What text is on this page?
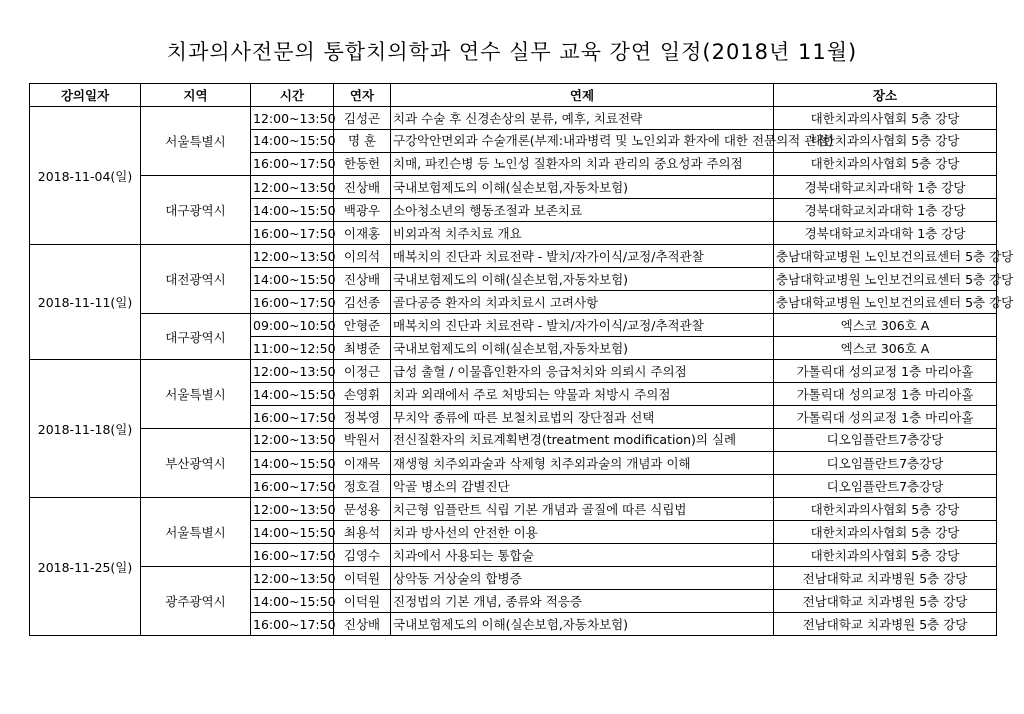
치과의사전문의 통합치의학과 연수 실무 교육 강연 일정(2018년 11월)
강의일자	지역	시간	연자	연제	장소
2018-11-04(일)	서울특별시	12:00~13:50	김성곤	치과 수술 후 신경손상의 분류, 예후, 치료전략	대한치과의사협회 5층 강당
		14:00~15:50	명 훈	구강악안면외과 수술개론(부제:내과병력 및 노인외과 환자에 대한 전문의적 관점)	대한치과의사협회 5층 강당
		16:00~17:50	한동헌	치매, 파킨슨병 등 노인성 질환자의 치과 관리의 중요성과 주의점	대한치과의사협회 5층 강당
	대구광역시	12:00~13:50	진상배	국내보험제도의 이해(실손보험,자동차보험)	경북대학교치과대학 1층 강당
		14:00~15:50	백광우	소아청소년의 행동조절과 보존치료	경북대학교치과대학 1층 강당
		16:00~17:50	이재홍	비외과적 치주치료 개요	경북대학교치과대학 1층 강당
2018-11-11(일)	대전광역시	12:00~13:50	이의석	매복치의 진단과 치료전략 - 발치/자가이식/교정/추적관찰	충남대학교병원 노인보건의료센터 5층 강당
		14:00~15:50	진상배	국내보험제도의 이해(실손보험,자동차보험)	충남대학교병원 노인보건의료센터 5층 강당
		16:00~17:50	김선종	골다공증 환자의 치과치료시 고려사항	충남대학교병원 노인보건의료센터 5층 강당
	대구광역시	09:00~10:50	안형준	매복치의 진단과 치료전략 - 발치/자가이식/교정/추적관찰	엑스코 306호 A
		11:00~12:50	최병준	국내보험제도의 이해(실손보험,자동차보험)	엑스코 306호 A
2018-11-18(일)	서울특별시	12:00~13:50	이정근	급성 출혈 / 이물흡인환자의 응급처치와 의뢰시 주의점	가톨릭대 성의교정 1층 마리아홀
		14:00~15:50	손영휘	치과 외래에서 주로 처방되는 약물과 처방시 주의점	가톨릭대 성의교정 1층 마리아홀
		16:00~17:50	정복영	무치악 종류에 따른 보철치료법의 장단점과 선택	가톨릭대 성의교정 1층 마리아홀
	부산광역시	12:00~13:50	박원서	전신질환자의 치료계획변경(treatment modification)의 실례	디오임플란트7층강당
		14:00~15:50	이재목	재생형 치주외과술과 삭제형 치주외과술의 개념과 이해	디오임플란트7층강당
		16:00~17:50	정호걸	악골 병소의 감별진단	디오임플란트7층강당
2018-11-25(일)	서울특별시	12:00~13:50	문성용	치근형 임플란트 식립 기본 개념과 골질에 따른 식립법	대한치과의사협회 5층 강당
		14:00~15:50	최용석	치과 방사선의 안전한 이용	대한치과의사협회 5층 강당
		16:00~17:50	김영수	치과에서 사용되는 통합술	대한치과의사협회 5층 강당
	광주광역시	12:00~13:50	이덕원	상악동 거상술의 합병증	전남대학교 치과병원 5층 강당
		14:00~15:50	이덕원	진정법의 기본 개념, 종류와 적응증	전남대학교 치과병원 5층 강당
		16:00~17:50	진상배	국내보험제도의 이해(실손보험,자동차보험)	전남대학교 치과병원 5층 강당
